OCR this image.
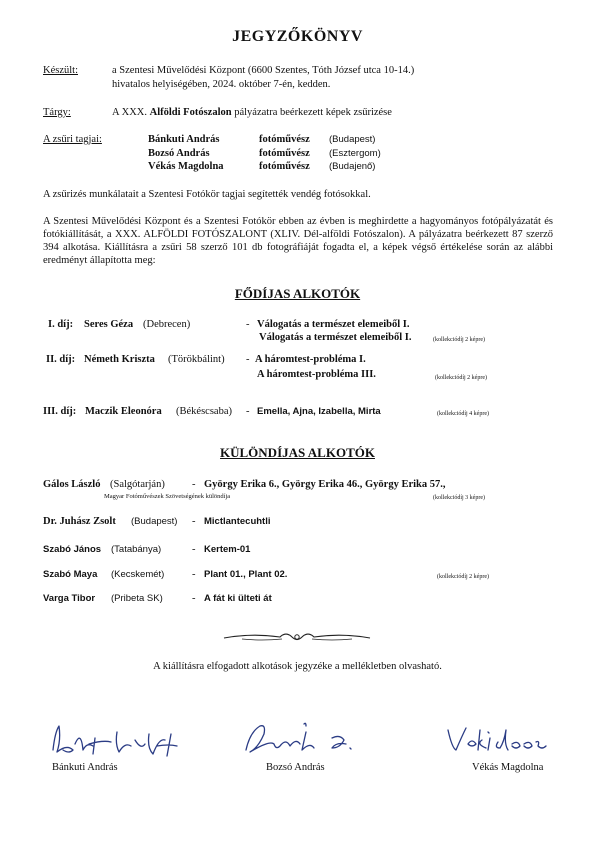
JEGYZŐKÖNYV
Készült:	a Szentesi Művelődési Központ (6600 Szentes, Tóth József utca 10-14.)
hivatalos helyiségében, 2024. október 7-én, kedden.
Tárgy:	A XXX. Alföldi Fotószalon pályázatra beérkezett képek zsűrizése
A zsűri tagjai:	Bánkuti András	fotóművész (Budapest)
Bozsó András	fotóművész (Esztergom)
Vékás Magdolna	fotóművész (Budajenő)
A zsűrizés munkálatait a Szentesi Fotókör tagjai segítették vendég fotósokkal.
A Szentesi Művelődési Központ és a Szentesi Fotókör ebben az évben is meghirdette a hagyományos fotópályázatát és fotókiállítását, a XXX. ALFÖLDI FOTÓSZALONT (XLIV. Dél-alföldi Fotószalon). A pályázatra beérkezett 87 szerző 394 alkotása. Kiállításra a zsűri 58 szerző 101 db fotográfiáját fogadta el, a képek végső értékelése során az alábbi eredményt állapította meg:
FŐDÍJAS ALKOTÓK
I. díj: Seres Géza (Debrecen)	- Válogatás a természet elemeiből I.
Válogatás a természet elemeiből I.	(kollekciódíj 2 képre)
II. díj: Németh Kriszta (Törökbálint) - A háromtest-probléma I.
A háromtest-probléma III.	(kollekciódíj 2 képre)
III. díj: Maczik Eleonóra (Békéscsaba) - Emella, Ajna, Izabella, Mirta	(kollekciódíj 4 képre)
KÜLÖNDÍJAS ALKOTÓK
Gálos László (Salgótarján)	- György Erika 6., György Erika 46., György Erika 57.,
Magyar Fotóművészek Szövetségének különdíja	(kollekciódíj 3 képre)
Dr. Juhász Zsolt (Budapest) - Mictlantecuhtli
Szabó János (Tatabánya)	- Kertem-01
Szabó Maya (Kecskemét)	- Plant 01., Plant 02.	(kollekciódíj 2 képre)
Varga Tibor (Pribeta SK)	- A fát ki ülteti át
A kiállításra elfogadott alkotások jegyzéke a mellékletben olvasható.
Bánkuti András	Bozsó András	Vékás Magdolna
